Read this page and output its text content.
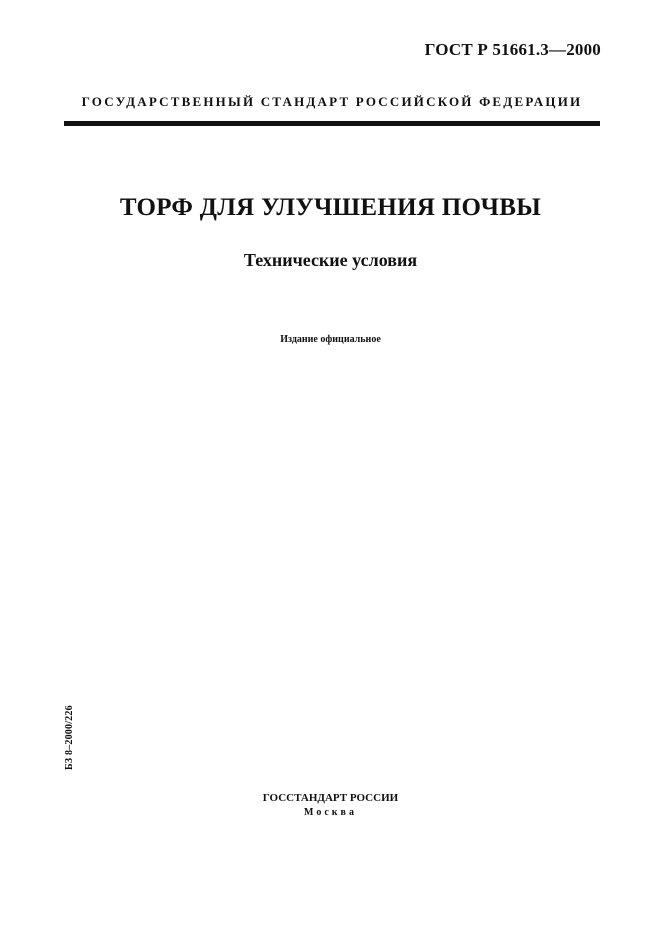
ГОСТ Р 51661.3—2000
ГОСУДАРСТВЕННЫЙ СТАНДАРТ РОССИЙСКОЙ ФЕДЕРАЦИИ
ТОРФ ДЛЯ УЛУЧШЕНИЯ ПОЧВЫ
Технические условия
Издание официальное
БЗ 8–2000/226
ГОССТАНДАРТ РОССИИ
Москва
